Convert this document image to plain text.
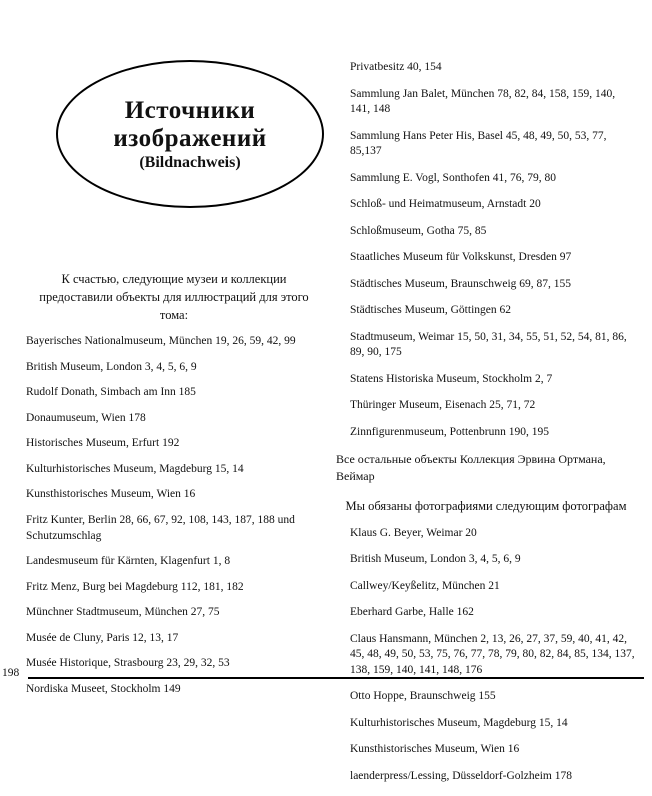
Источники
изображений
(Bildnachweis)
К счастью, следующие музеи и коллекции предоставили объекты для иллюстраций для этого тома:
Bayerisches Nationalmuseum, München 19, 26, 59, 42, 99
British Museum, London 3, 4, 5, 6, 9
Rudolf Donath, Simbach am Inn 185
Donaumuseum, Wien 178
Historisches Museum, Erfurt 192
Kulturhistorisches Museum, Magdeburg 15, 14
Kunsthistorisches Museum, Wien 16
Fritz Kunter, Berlin 28, 66, 67, 92, 108, 143, 187, 188 und Schutzumschlag
Landesmuseum für Kärnten, Klagenfurt 1, 8
Fritz Menz, Burg bei Magdeburg 112, 181, 182
Münchner Stadtmuseum, München 27, 75
Musée de Cluny, Paris 12, 13, 17
Musée Historique, Strasbourg 23, 29, 32, 53
Nordiska Museet, Stockholm 149
Privatbesitz 40, 154
Sammlung Jan Balet, München 78, 82, 84, 158, 159, 140, 141, 148
Sammlung Hans Peter His, Basel 45, 48, 49, 50, 53, 77, 85,137
Sammlung E. Vogl, Sonthofen 41, 76, 79, 80
Schloß- und Heimatmuseum, Arnstadt 20
Schloßmuseum, Gotha 75, 85
Staatliches Museum für Volkskunst, Dresden 97
Städtisches Museum, Braunschweig 69, 87, 155
Städtisches Museum, Göttingen 62
Stadtmuseum, Weimar 15, 50, 31, 34, 55, 51, 52, 54, 81, 86, 89, 90, 175
Statens Historiska Museum, Stockholm 2, 7
Thüringer Museum, Eisenach 25, 71, 72
Zinnfigurenmuseum, Pottenbrunn 190, 195
Все остальные объекты Коллекция Эрвина Ортмана, Веймар
Мы обязаны фотографиями следующим фотографам
Klaus G. Beyer, Weimar 20
British Museum, London 3, 4, 5, 6, 9
Callwey/Keyßelitz, München 21
Eberhard Garbe, Halle 162
Claus Hansmann, München 2, 13, 26, 27, 37, 59, 40, 41, 42, 45, 48, 49, 50, 53, 75, 76, 77, 78, 79, 80, 82, 84, 85, 134, 137, 138, 159, 140, 141, 148, 176
Otto Hoppe, Braunschweig 155
Kulturhistorisches Museum, Magdeburg 15, 14
Kunsthistorisches Museum, Wien 16
laenderpress/Lessing, Düsseldorf-Golzheim 178
198
